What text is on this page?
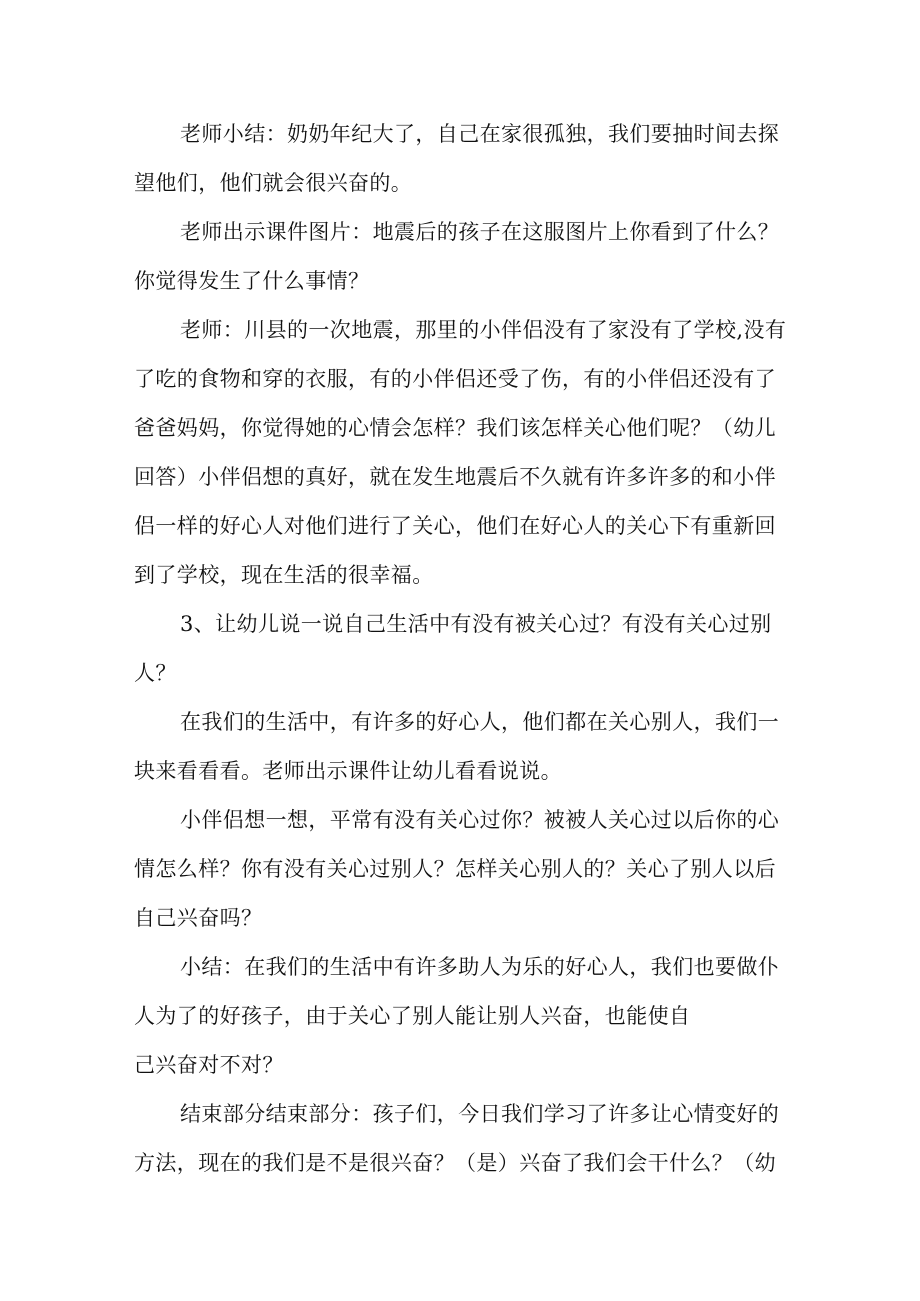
老师小结：奶奶年纪大了，自己在家很孤独，我们要抽时间去探
望他们，他们就会很兴奋的。
老师出示课件图片：地震后的孩子在这服图片上你看到了什么？
你觉得发生了什么事情？
老师：川县的一次地震，那里的小伴侣没有了家没有了学校,没有
了吃的食物和穿的衣服，有的小伴侣还受了伤，有的小伴侣还没有了
爸爸妈妈，你觉得她的心情会怎样？我们该怎样关心他们呢？（幼儿
回答）小伴侣想的真好，就在发生地震后不久就有许多许多的和小伴
侣一样的好心人对他们进行了关心，他们在好心人的关心下有重新回
到了学校，现在生活的很幸福。
3、让幼儿说一说自己生活中有没有被关心过？有没有关心过别
人？
在我们的生活中，有许多的好心人，他们都在关心别人，我们一
块来看看看。老师出示课件让幼儿看看说说。
小伴侣想一想，平常有没有关心过你？被被人关心过以后你的心
情怎么样？你有没有关心过别人？怎样关心别人的？关心了别人以后
自己兴奋吗？
小结：在我们的生活中有许多助人为乐的好心人，我们也要做仆
人为了的好孩子，由于关心了别人能让别人兴奋，也能使自
己兴奋对不对？
结束部分结束部分：孩子们，今日我们学习了许多让心情变好的
方法，现在的我们是不是很兴奋？（是）兴奋了我们会干什么？（幼
